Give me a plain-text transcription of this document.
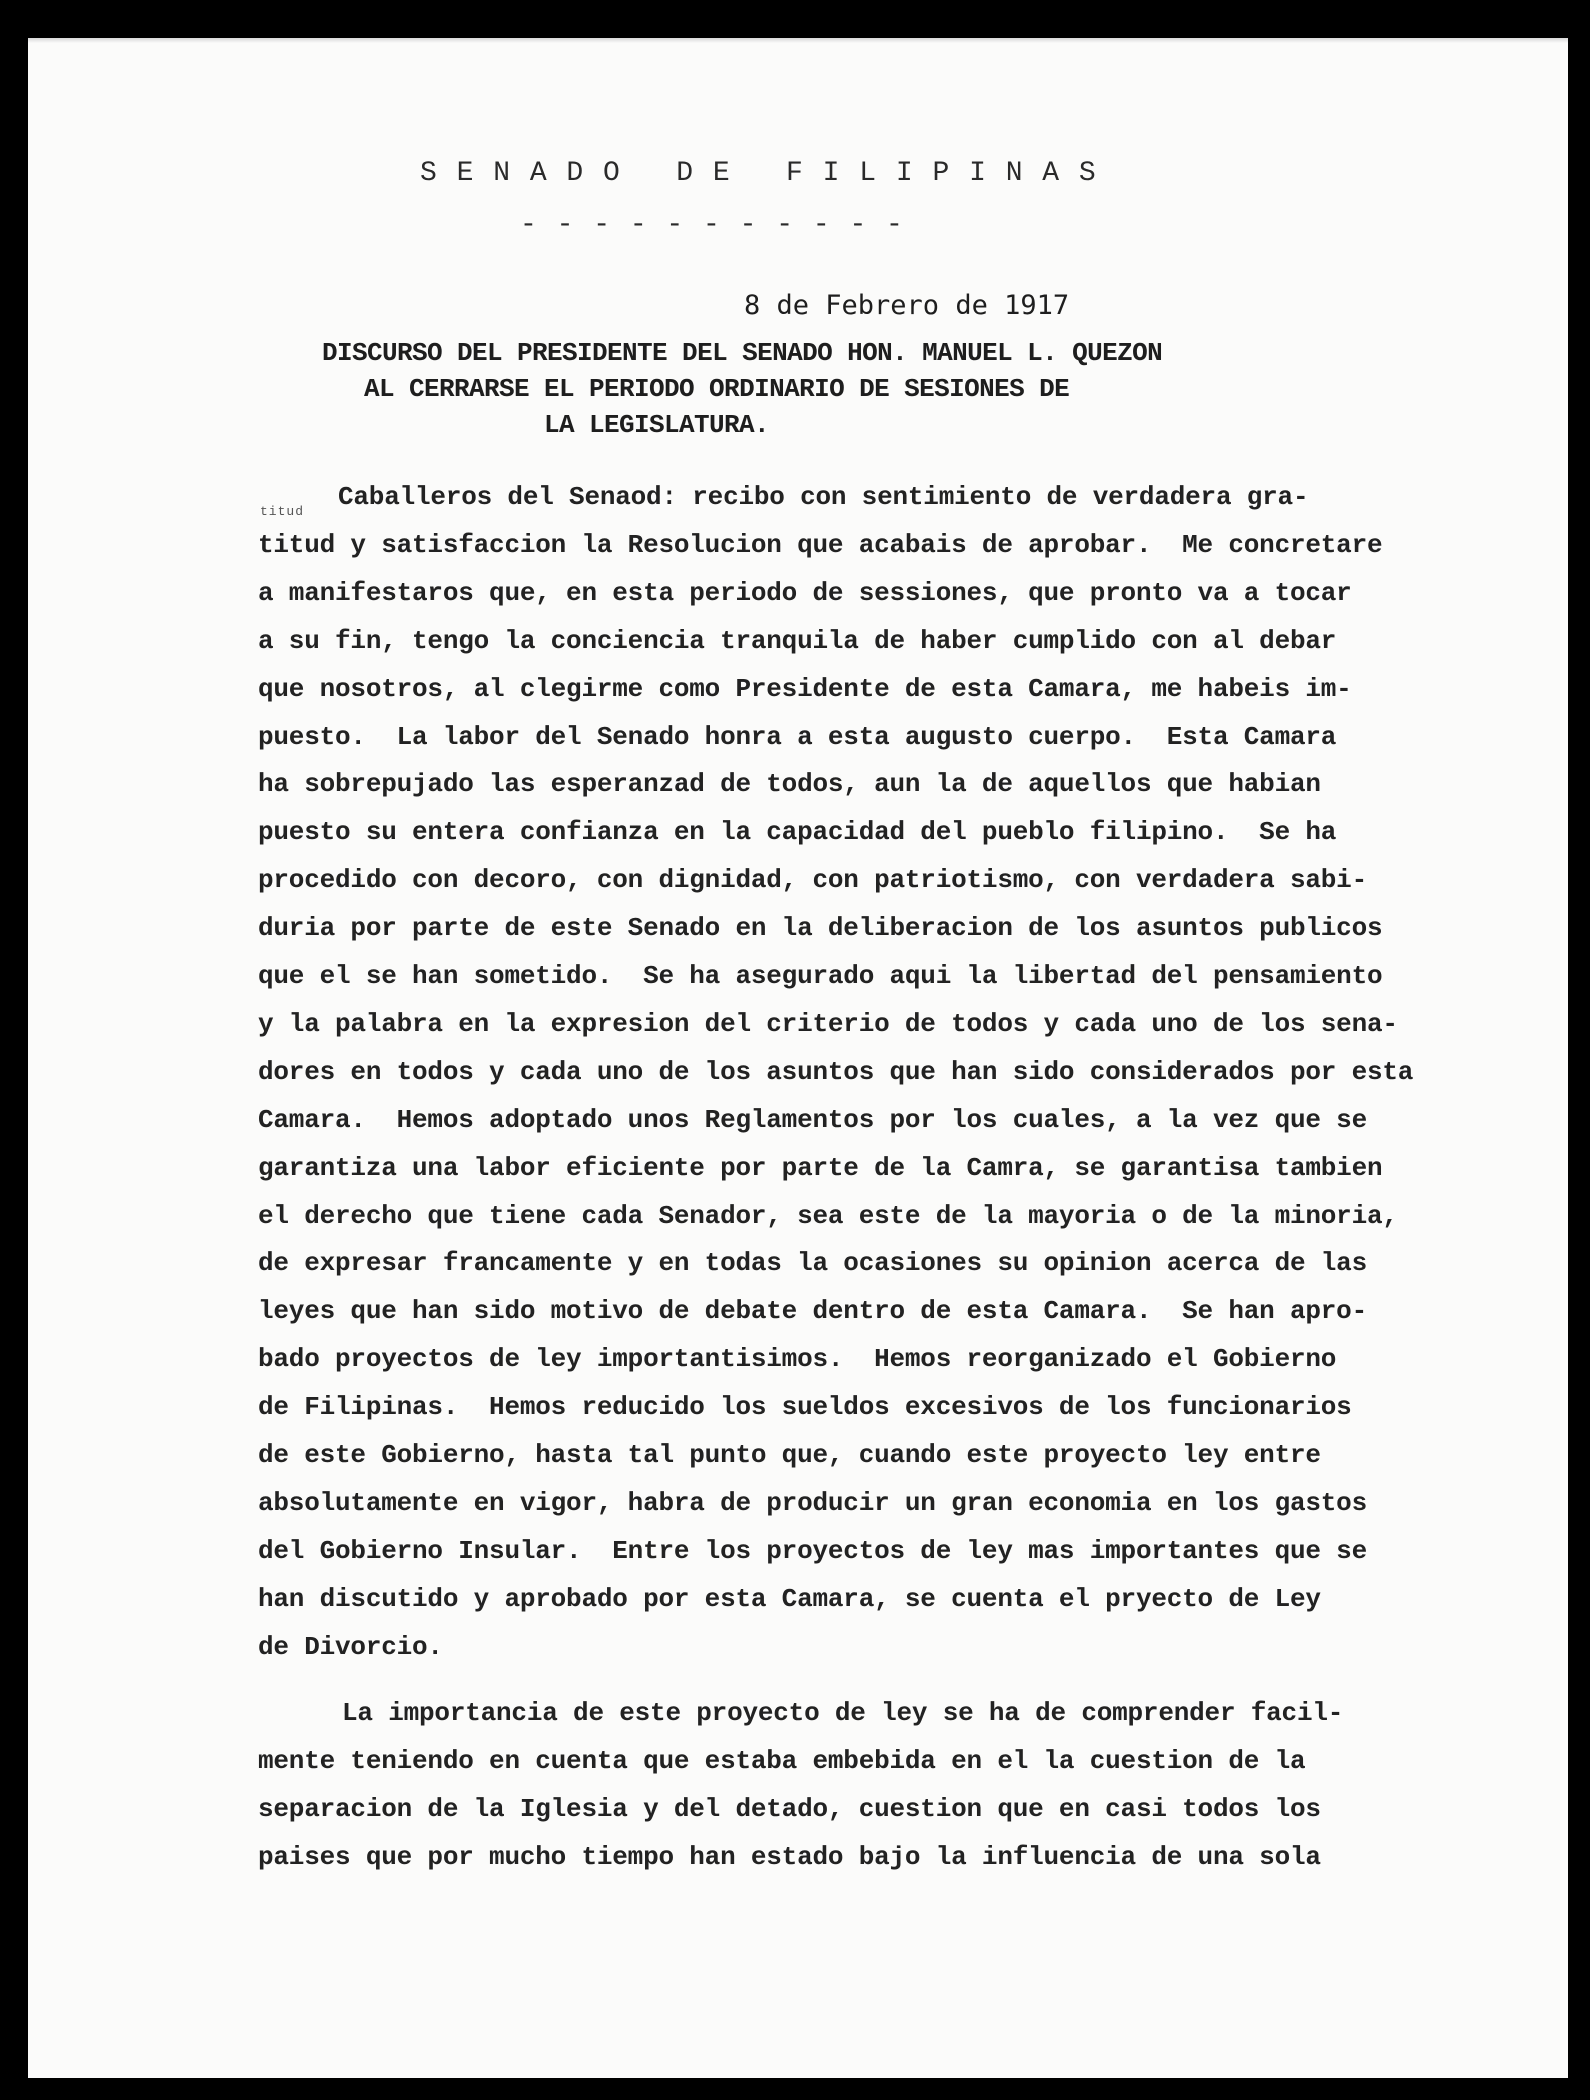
S E N A D O   D E   F I L I P I N A S
- - - - - - - - - - -
8 de Febrero de 1917
DISCURSO DEL PRESIDENTE DEL SENADO HON. MANUEL L. QUEZON
AL CERRARSE EL PERIODO ORDINARIO DE SESIONES DE
LA LEGISLATURA.
titud Caballeros del Senaod: recibo con sentimiento de verdadera gra-
titud y satisfaccion la Resolucion que acabais de aprobar.  Me concretare
a manifestaros que, en esta periodo de sessiones, que pronto va a tocar
a su fin, tengo la conciencia tranquila de haber cumplido con al debar
que nosotros, al clegirme como Presidente de esta Camara, me habeis im-
puesto.  La labor del Senado honra a esta augusto cuerpo.  Esta Camara
ha sobrepujado las esperanzad de todos, aun la de aquellos que habian
puesto su entera confianza en la capacidad del pueblo filipino.  Se ha
procedido con decoro, con dignidad, con patriotismo, con verdadera sabi-
duria por parte de este Senado en la deliberacion de los asuntos publicos
que el se han sometido.  Se ha asegurado aqui la libertad del pensamiento
y la palabra en la expresion del criterio de todos y cada uno de los sena-
dores en todos y cada uno de los asuntos que han sido considerados por esta
Camara.  Hemos adoptado unos Reglamentos por los cuales, a la vez que se
garantiza una labor eficiente por parte de la Camra, se garantisa tambien
el derecho que tiene cada Senador, sea este de la mayoria o de la minoria,
de expresar francamente y en todas la ocasiones su opinion acerca de las
leyes que han sido motivo de debate dentro de esta Camara.  Se han apro-
bado proyectos de ley importantisimos.  Hemos reorganizado el Gobierno
de Filipinas.  Hemos reducido los sueldos excesivos de los funcionarios
de este Gobierno, hasta tal punto que, cuando este proyecto ley entre
absolutamente en vigor, habra de producir un gran economia en los gastos
del Gobierno Insular.  Entre los proyectos de ley mas importantes que se
han discutido y aprobado por esta Camara, se cuenta el pryecto de Ley
de Divorcio.
La importancia de este proyecto de ley se ha de comprender facil-
mente teniendo en cuenta que estaba embebida en el la cuestion de la
separacion de la Iglesia y del detado, cuestion que en casi todos los
paises que por mucho tiempo han estado bajo la influencia de una sola
